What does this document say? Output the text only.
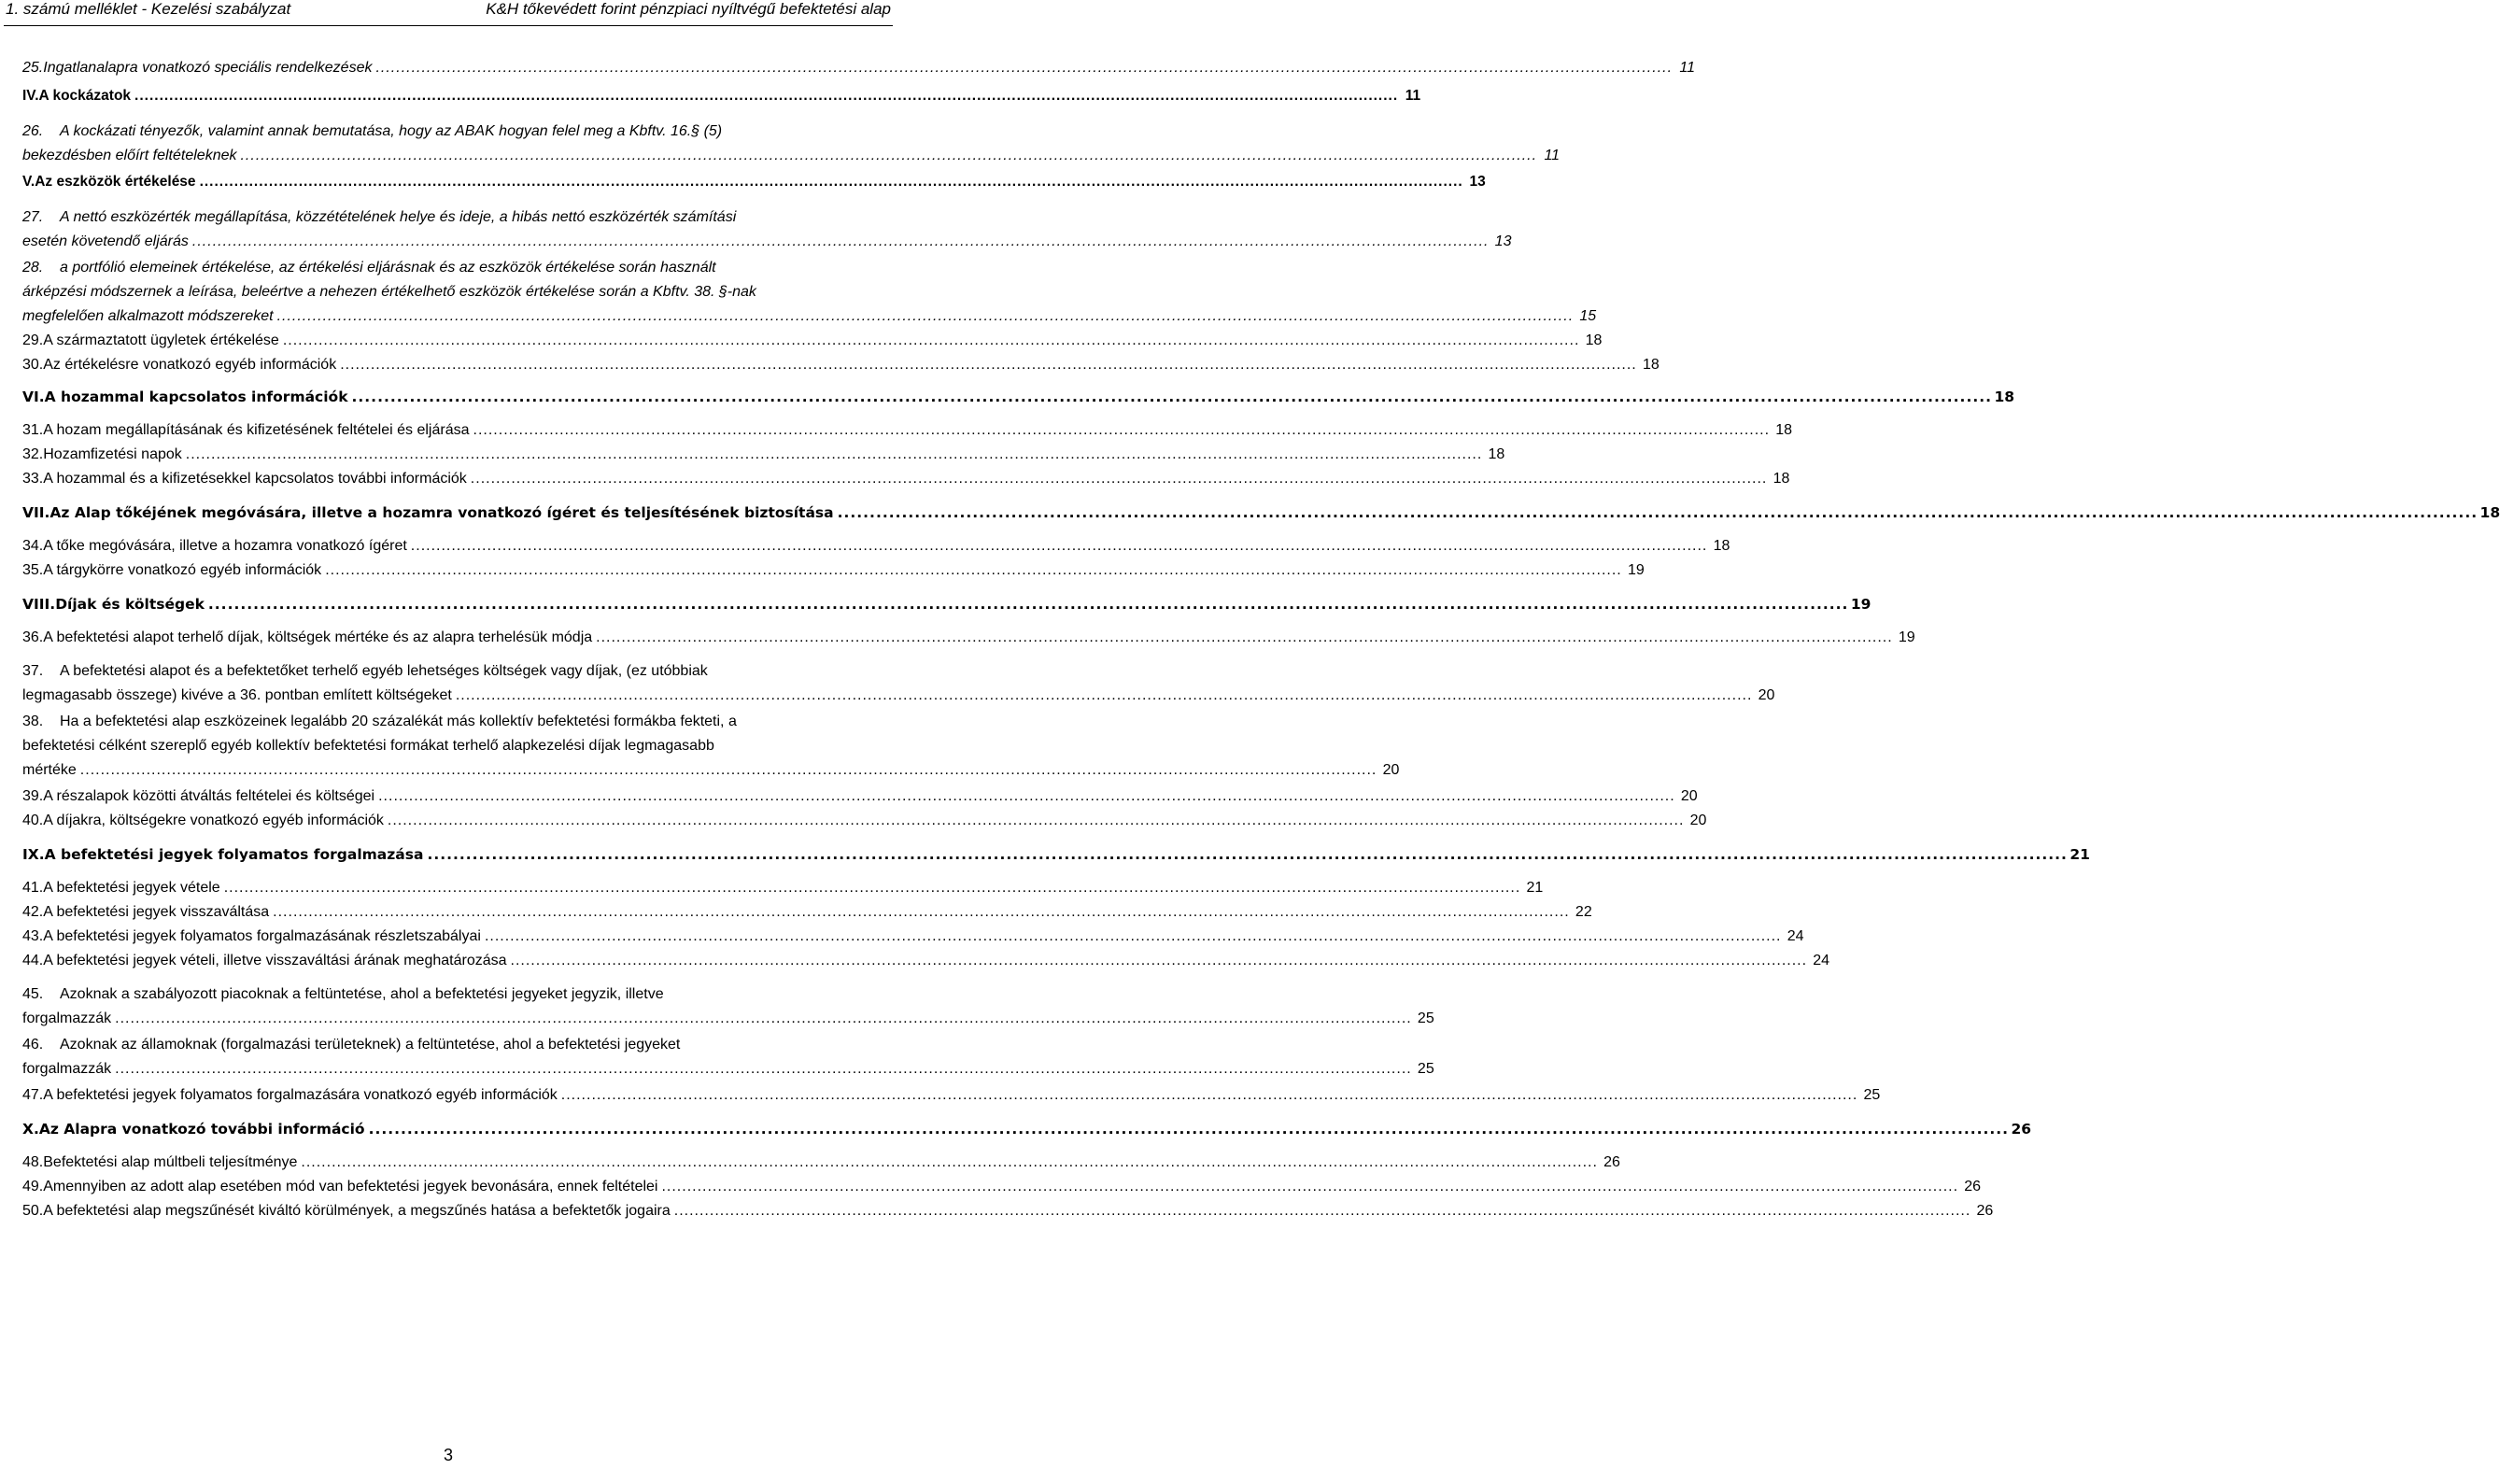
1. számú melléklet - Kezelési szabályzat	K&H tőkevédett forint pénzpiaci nyíltvégű befektetési alap
25. Ingatlanalapra vonatkozó speciális rendelkezések ............................................................................................................................................................................................................................................................... 11
IV. A kockázatok ............................................................................................................................................................................................................................................................... 11
26. A kockázati tényezők, valamint annak bemutatása, hogy az ABAK hogyan felel meg a Kbftv. 16.§ (5)
bekezdésben előírt feltételeknek ............................................................................................................................................................................................................................................................... 11
V. Az eszközök értékelése ............................................................................................................................................................................................................................................................... 13
27. A nettó eszközérték megállapítása, közzétételének helye és ideje, a hibás nettó eszközérték számítási
esetén követendő eljárás ............................................................................................................................................................................................................................................................... 13
28. a portfólió elemeinek értékelése, az értékelési eljárásnak és az eszközök értékelése során használt
árképzési módszernek a leírása, beleértve a nehezen értékelhető eszközök értékelése során a Kbftv. 38. §-nak
megfelelően alkalmazott módszereket ............................................................................................................................................................................................................................................................... 15
29. A származtatott ügyletek értékelése ............................................................................................................................................................................................................................................................... 18
30. Az értékelésre vonatkozó egyéb információk ............................................................................................................................................................................................................................................................... 18
VI. A hozammal kapcsolatos információk ............................................................................................................................................................................................................................................................... 18
31. A hozam megállapításának és kifizetésének feltételei és eljárása ............................................................................................................................................................................................................................................................... 18
32. Hozamfizetési napok ............................................................................................................................................................................................................................................................... 18
33. A hozammal és a kifizetésekkel kapcsolatos további információk ............................................................................................................................................................................................................................................................... 18
VII. Az Alap tőkéjének megóvására, illetve a hozamra vonatkozó ígéret és teljesítésének biztosítása ............................................................................................................................................................................................................................................................... 18
34. A tőke megóvására, illetve a hozamra vonatkozó ígéret ............................................................................................................................................................................................................................................................... 18
35. A tárgykörre vonatkozó egyéb információk ............................................................................................................................................................................................................................................................... 19
VIII. Díjak és költségek ............................................................................................................................................................................................................................................................... 19
36. A befektetési alapot terhelő díjak, költségek mértéke és az alapra terhelésük módja ............................................................................................................................................................................................................................................................... 19
37. A befektetési alapot és a befektetőket terhelő egyéb lehetséges költségek vagy díjak, (ez utóbbiak
legmagasabb összege) kivéve a 36. pontban említett költségeket ............................................................................................................................................................................................................................................................... 20
38. Ha a befektetési alap eszközeinek legalább 20 százalékát más kollektív befektetési formákba fekteti, a
befektetési célként szereplő egyéb kollektív befektetési formákat terhelő alapkezelési díjak legmagasabb
mértéke ............................................................................................................................................................................................................................................................... 20
39. A részalapok közötti átváltás feltételei és költségei ............................................................................................................................................................................................................................................................... 20
40. A díjakra, költségekre vonatkozó egyéb információk ............................................................................................................................................................................................................................................................... 20
IX. A befektetési jegyek folyamatos forgalmazása ............................................................................................................................................................................................................................................................... 21
41. A befektetési jegyek vétele ............................................................................................................................................................................................................................................................... 21
42. A befektetési jegyek visszaváltása ............................................................................................................................................................................................................................................................... 22
43. A befektetési jegyek folyamatos forgalmazásának részletszabályai ............................................................................................................................................................................................................................................................... 24
44. A befektetési jegyek vételi, illetve visszaváltási árának meghatározása ............................................................................................................................................................................................................................................................... 24
45. Azoknak a szabályozott piacoknak a feltüntetése, ahol a befektetési jegyeket jegyzik, illetve
forgalmazzák ............................................................................................................................................................................................................................................................... 25
46. Azoknak az államoknak (forgalmazási területeknek) a feltüntetése, ahol a befektetési jegyeket
forgalmazzák ............................................................................................................................................................................................................................................................... 25
47. A befektetési jegyek folyamatos forgalmazására vonatkozó egyéb információk ............................................................................................................................................................................................................................................................... 25
X. Az Alapra vonatkozó további információ ............................................................................................................................................................................................................................................................... 26
48. Befektetési alap múltbeli teljesítménye ............................................................................................................................................................................................................................................................... 26
49. Amennyiben az adott alap esetében mód van befektetési jegyek bevonására, ennek feltételei ............................................................................................................................................................................................................................................................... 26
50. A befektetési alap megszűnését kiváltó körülmények, a megszűnés hatása a befektetők jogaira ............................................................................................................................................................................................................................................................... 26
3
